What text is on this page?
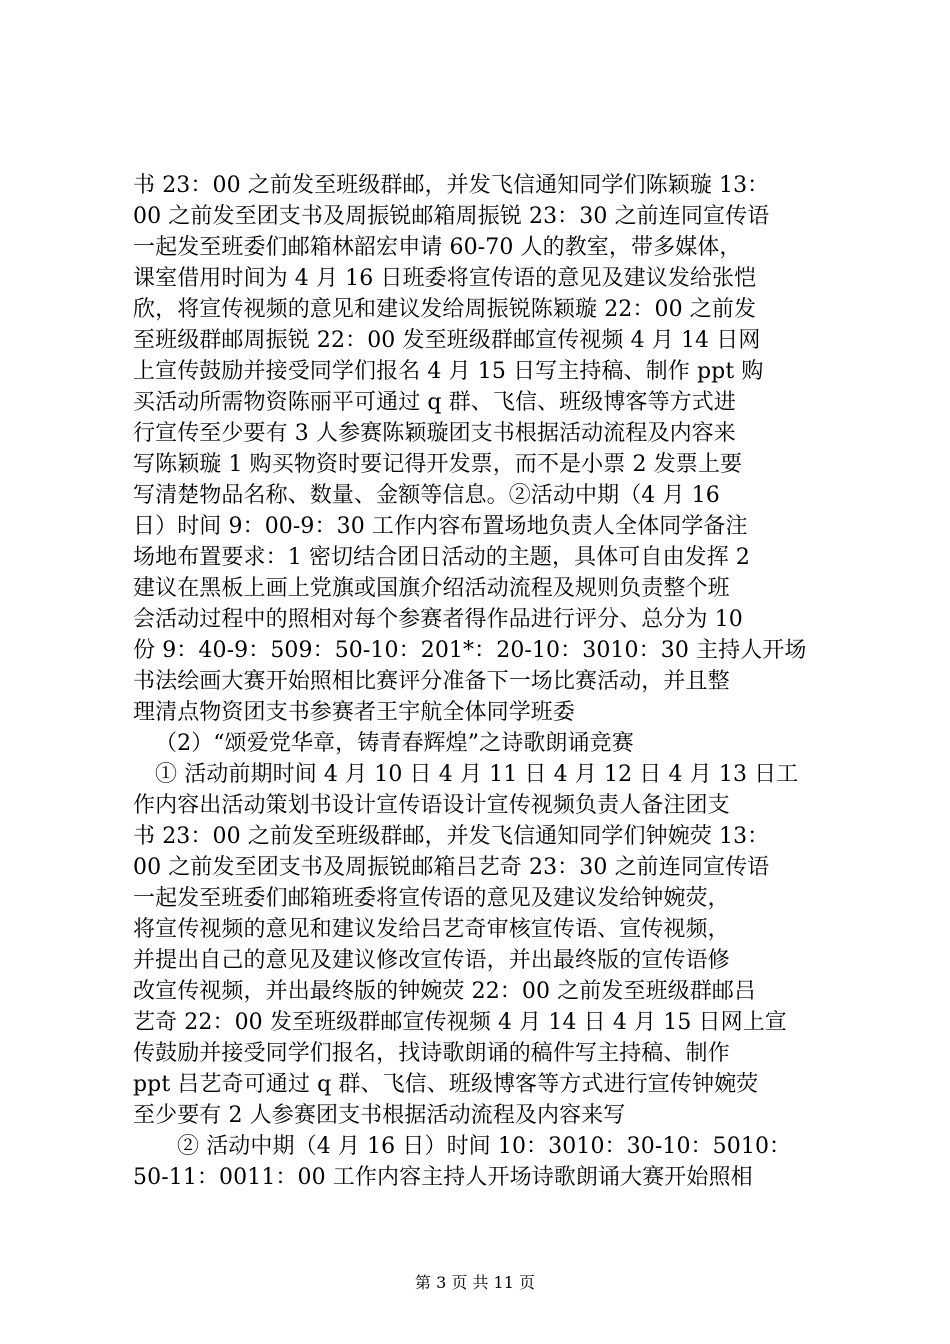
书 23：00 之前发至班级群邮，并发飞信通知同学们陈颖璇 13：
00 之前发至团支书及周振锐邮箱周振锐 23：30 之前连同宣传语
一起发至班委们邮箱林韶宏申请 60-70 人的教室，带多媒体，
课室借用时间为 4 月 16 日班委将宣传语的意见及建议发给张恺
欣，将宣传视频的意见和建议发给周振锐陈颖璇 22：00 之前发
至班级群邮周振锐 22：00 发至班级群邮宣传视频 4 月 14 日网
上宣传鼓励并接受同学们报名 4 月 15 日写主持稿、制作 ppt 购
买活动所需物资陈丽平可通过 q 群、飞信、班级博客等方式进
行宣传至少要有 3 人参赛陈颖璇团支书根据活动流程及内容来
写陈颖璇 1 购买物资时要记得开发票，而不是小票 2 发票上要
写清楚物品名称、数量、金额等信息。②活动中期（4 月 16
日）时间 9：00-9：30 工作内容布置场地负责人全体同学备注
场地布置要求：1 密切结合团日活动的主题，具体可自由发挥 2
建议在黑板上画上党旗或国旗介绍活动流程及规则负责整个班
会活动过程中的照相对每个参赛者得作品进行评分、总分为 10
份 9：40-9：509：50-10：201*：20-10：3010：30 主持人开场
书法绘画大赛开始照相比赛评分准备下一场比赛活动，并且整
理清点物资团支书参赛者王宇航全体同学班委
（2）“颂爱党华章，铸青春辉煌”之诗歌朗诵竞赛
① 活动前期时间 4 月 10 日 4 月 11 日 4 月 12 日 4 月 13 日工
作内容出活动策划书设计宣传语设计宣传视频负责人备注团支
书 23：00 之前发至班级群邮，并发飞信通知同学们钟婉荧 13：
00 之前发至团支书及周振锐邮箱吕艺奇 23：30 之前连同宣传语
一起发至班委们邮箱班委将宣传语的意见及建议发给钟婉荧，
将宣传视频的意见和建议发给吕艺奇审核宣传语、宣传视频，
并提出自己的意见及建议修改宣传语，并出最终版的宣传语修
改宣传视频，并出最终版的钟婉荧 22：00 之前发至班级群邮吕
艺奇 22：00 发至班级群邮宣传视频 4 月 14 日 4 月 15 日网上宣
传鼓励并接受同学们报名，找诗歌朗诵的稿件写主持稿、制作
ppt 吕艺奇可通过 q 群、飞信、班级博客等方式进行宣传钟婉荧
至少要有 2 人参赛团支书根据活动流程及内容来写
② 活动中期（4 月 16 日）时间 10：3010：30-10：5010：
50-11：0011：00 工作内容主持人开场诗歌朗诵大赛开始照相
第 3 页 共 11 页
